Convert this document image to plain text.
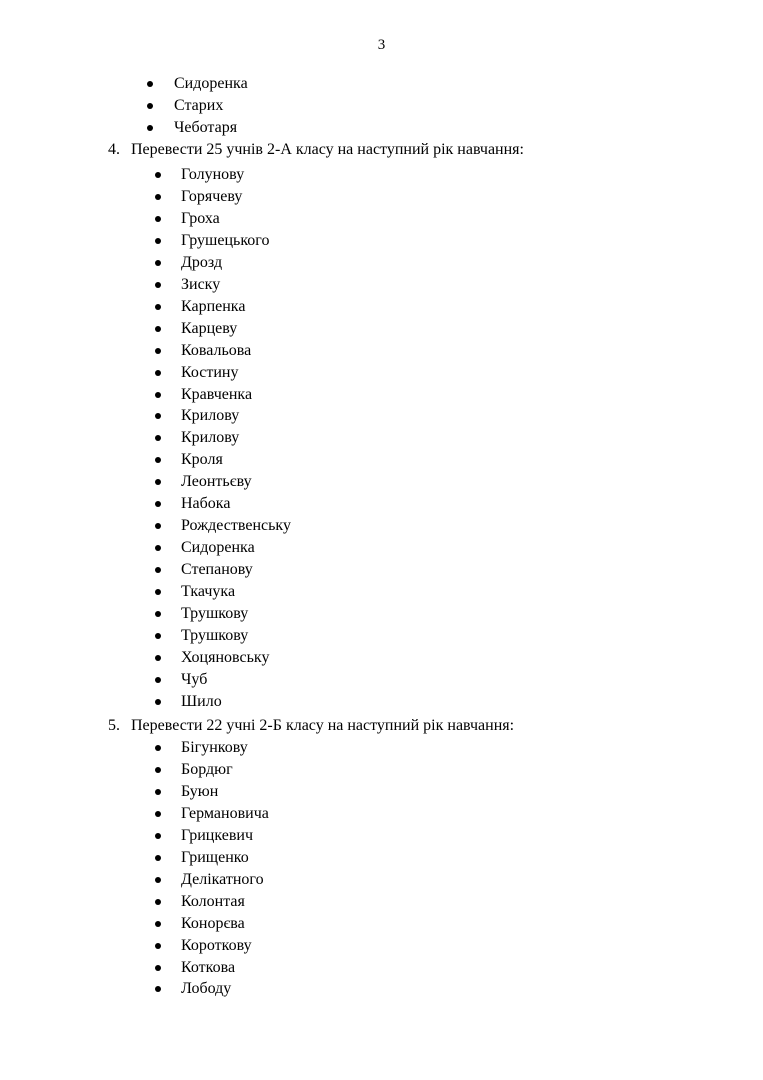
3
Сидоренка
Старих
Чеботаря
4. Перевести 25 учнів 2-А класу на наступний рік навчання:
Голунову
Горячеву
Гроха
Грушецького
Дрозд
Зиску
Карпенка
Карцеву
Ковальова
Костину
Кравченка
Крилову
Крилову
Кроля
Леонтьєву
Набока
Рождественську
Сидоренка
Степанову
Ткачука
Трушкову
Трушкову
Хоцяновську
Чуб
Шило
5. Перевести 22 учні 2-Б класу на наступний рік навчання:
Бігункову
Бордюг
Буюн
Германовича
Грицкевич
Грищенко
Делікатного
Колонтая
Конорєва
Короткову
Коткова
Лободу
